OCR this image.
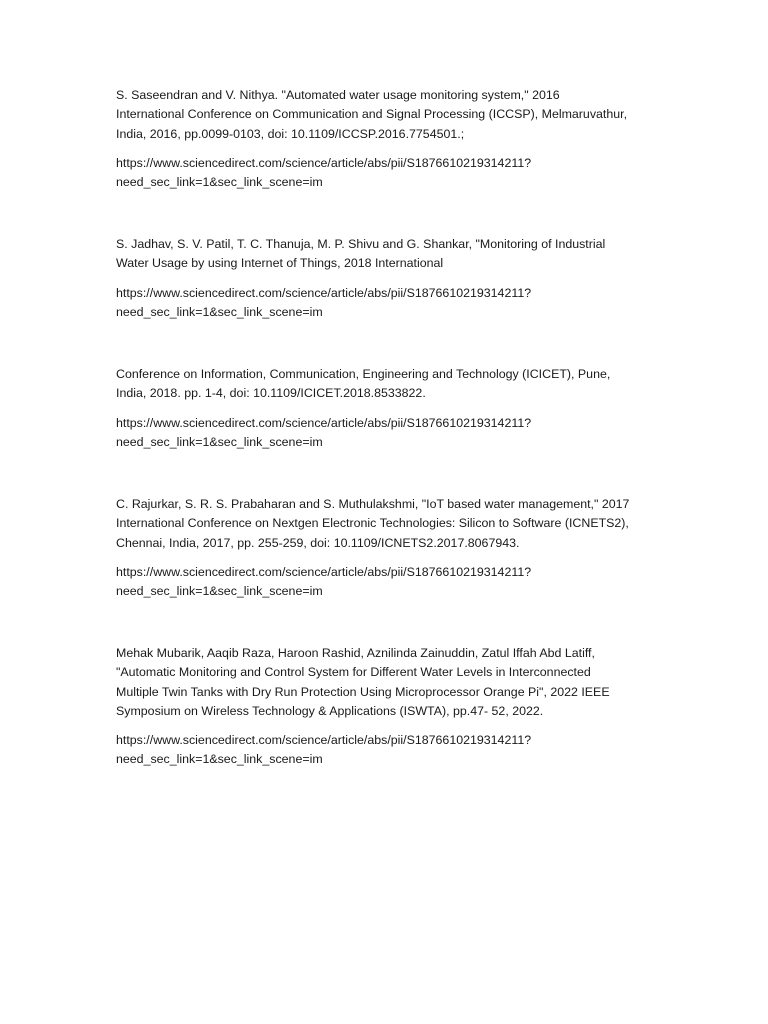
S. Saseendran and V. Nithya. "Automated water usage monitoring system," 2016
International Conference on Communication and Signal Processing (ICCSP), Melmaruvathur,
India, 2016, pp.0099-0103, doi: 10.1109/ICCSP.2016.7754501.;

https://www.sciencedirect.com/science/article/abs/pii/S1876610219314211?
need_sec_link=1&sec_link_scene=im

S. Jadhav, S. V. Patil, T. C. Thanuja, M. P. Shivu and G. Shankar, "Monitoring of Industrial
Water Usage by using Internet of Things, 2018 International

https://www.sciencedirect.com/science/article/abs/pii/S1876610219314211?
need_sec_link=1&sec_link_scene=im

Conference on Information, Communication, Engineering and Technology (ICICET), Pune,
India, 2018. pp. 1-4, doi: 10.1109/ICICET.2018.8533822.

https://www.sciencedirect.com/science/article/abs/pii/S1876610219314211?
need_sec_link=1&sec_link_scene=im

C. Rajurkar, S. R. S. Prabaharan and S. Muthulakshmi, "IoT based water management," 2017
International Conference on Nextgen Electronic Technologies: Silicon to Software (ICNETS2),
Chennai, India, 2017, pp. 255-259, doi: 10.1109/ICNETS2.2017.8067943.

https://www.sciencedirect.com/science/article/abs/pii/S1876610219314211?
need_sec_link=1&sec_link_scene=im

Mehak Mubarik, Aaqib Raza, Haroon Rashid, Aznilinda Zainuddin, Zatul Iffah Abd Latiff,
"Automatic Monitoring and Control System for Different Water Levels in Interconnected
Multiple Twin Tanks with Dry Run Protection Using Microprocessor Orange Pi", 2022 IEEE
Symposium on Wireless Technology & Applications (ISWTA), pp.47- 52, 2022.

https://www.sciencedirect.com/science/article/abs/pii/S1876610219314211?
need_sec_link=1&sec_link_scene=im
